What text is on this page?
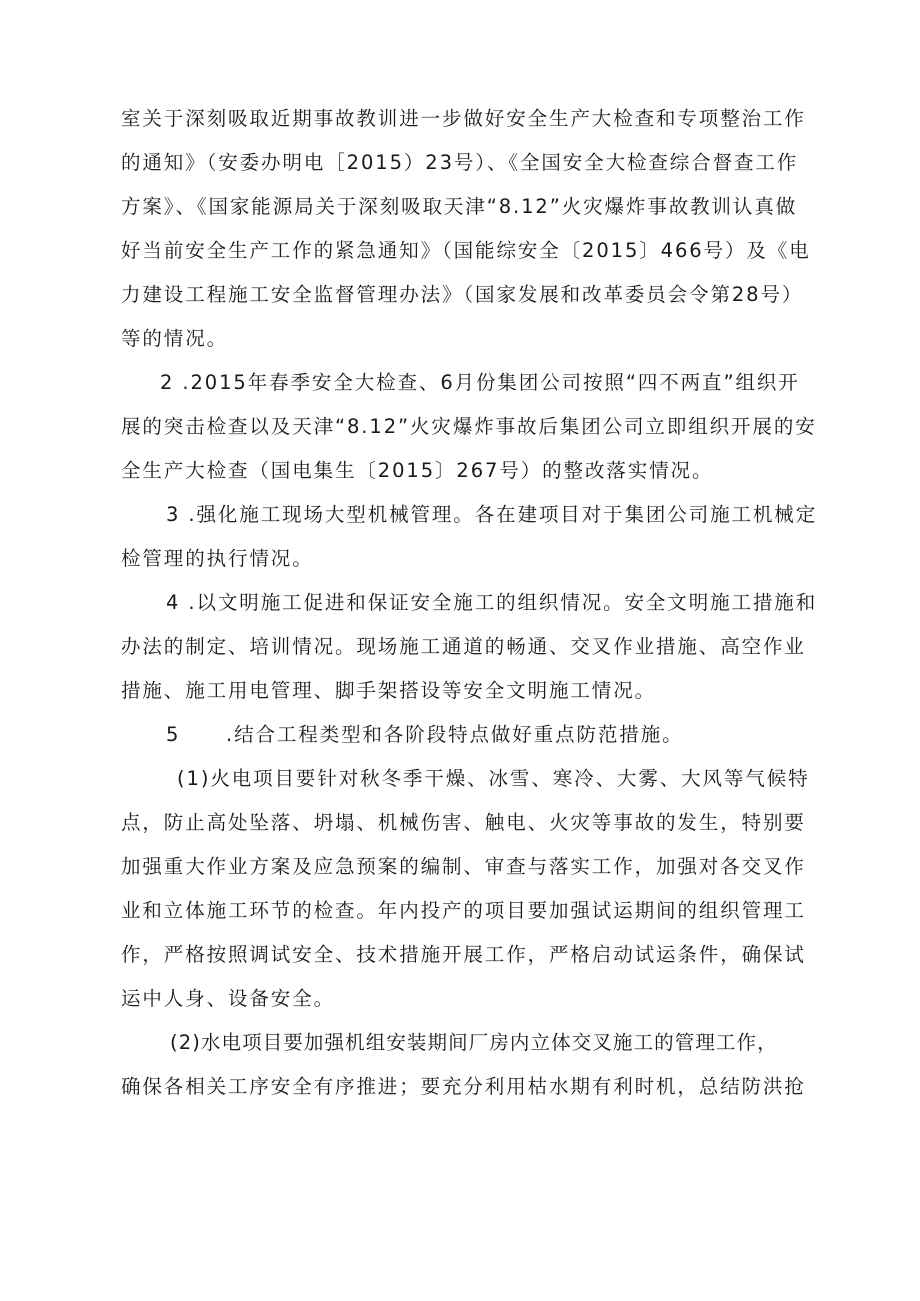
室关于深刻吸取近期事故教训进一步做好安全生产大检查和专项整治工作

的通知》（安委办明电［2015）23号）、《全国安全大检查综合督查工作

方案》、《国家能源局关于深刻吸取天津“8.12”火灾爆炸事故教训认真做

好当前安全生产工作的紧急通知》（国能综安全〔2015〕466号）及《电

力建设工程施工安全监督管理办法》（国家发展和改革委员会令第28号）

等的情况。

2 .2015年春季安全大检查、6月份集团公司按照“四不两直”组织开

展的突击检查以及天津“8.12”火灾爆炸事故后集团公司立即组织开展的安

全生产大检查（国电集生〔2015〕267号）的整改落实情况。

3 .强化施工现场大型机械管理。各在建项目对于集团公司施工机械定

检管理的执行情况。

4 .以文明施工促进和保证安全施工的组织情况。安全文明施工措施和

办法的制定、培训情况。现场施工通道的畅通、交叉作业措施、高空作业

措施、施工用电管理、脚手架搭设等安全文明施工情况。

5 .结合工程类型和各阶段特点做好重点防范措施。

(1)火电项目要针对秋冬季干燥、冰雪、寒冷、大雾、大风等气候特

点，防止高处坠落、坍塌、机械伤害、触电、火灾等事故的发生，特别要

加强重大作业方案及应急预案的编制、审查与落实工作，加强对各交叉作

业和立体施工环节的检查。年内投产的项目要加强试运期间的组织管理工

作，严格按照调试安全、技术措施开展工作，严格启动试运条件，确保试

运中人身、设备安全。

(2)水电项目要加强机组安装期间厂房内立体交叉施工的管理工作，

确保各相关工序安全有序推进；要充分利用枯水期有利时机，总结防洪抢
